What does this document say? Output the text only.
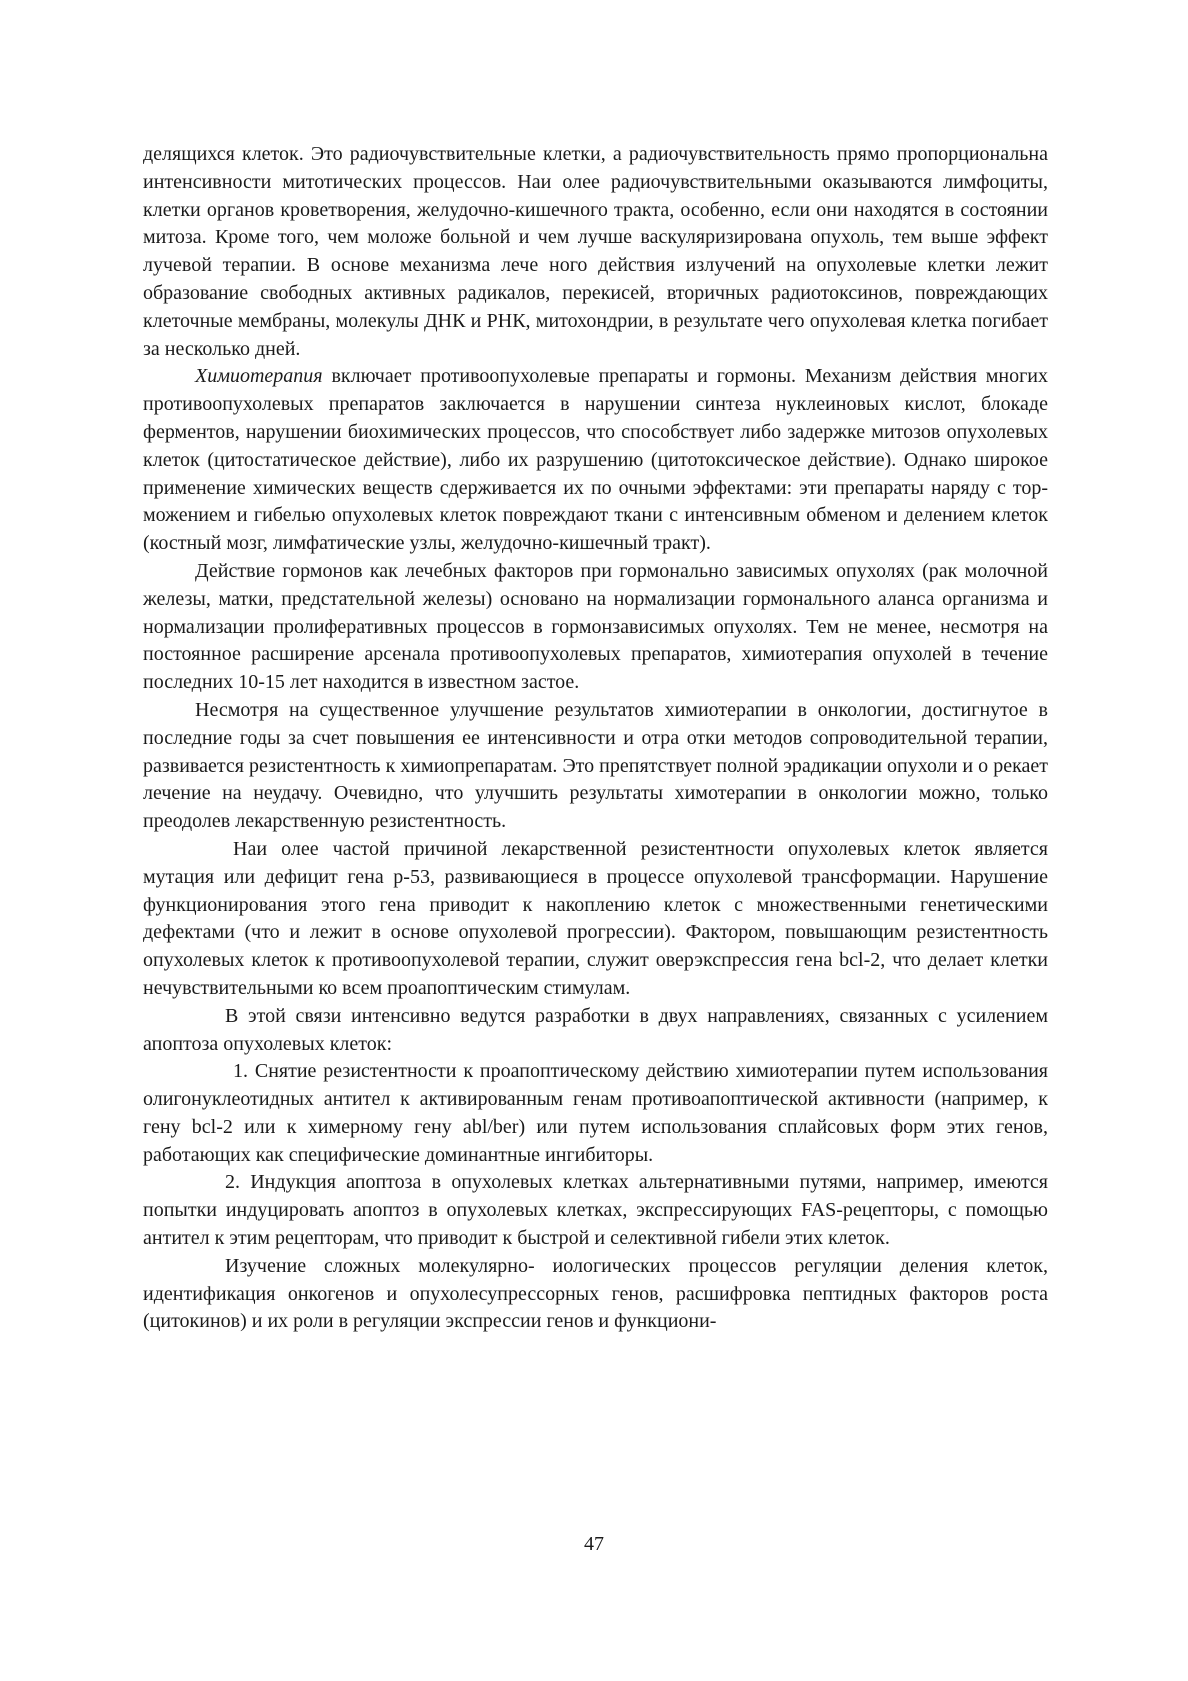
делящихся клеток. Это радиочувствительные клетки, а радиочувствительность прямо пропорциональна интенсивности митотических процессов. Наи олее радиочувствительными оказываются лимфоциты, клетки органов кроветворения, желудочно-кишечного тракта, особенно, если они находятся в состоянии митоза. Кроме того, чем моложе больной и чем лучше васкуляризирована опухоль, тем выше эффект лучевой терапии. В основе механизма лече ного действия излучений на опухолевые клетки лежит образование свободных активных радикалов, перекисей, вторичных радиотоксинов, повреждающих клеточные мембраны, молекулы ДНК и РНК, митохондрии, в результате чего опухолевая клетка погибает за несколько дней.

Химиотерапия включает противоопухолевые препараты и гормоны. Механизм действия многих противоопухолевых препаратов заключается в нарушении синтеза нуклеиновых кислот, блокаде ферментов, нарушении биохимических процессов, что способствует либо задержке митозов опухолевых клеток (цитостатическое действие), либо их разрушению (цитотоксическое действие). Однако широкое применение химических веществ сдерживается их по очными эффектами: эти препараты наряду с торможением и гибелью опухолевых клеток повреждают ткани с интенсивным обменом и делением клеток (костный мозг, лимфатические узлы, желудочно-кишечный тракт).

Действие гормонов как лечебных факторов при гормонально зависимых опухолях (рак молочной железы, матки, предстательной железы) основано на нормализации гормонального аланса организма и нормализации пролиферативных процессов в гормонзависимых опухолях. Тем не менее, несмотря на постоянное расширение арсенала противоопухолевых препаратов, химиотерапия опухолей в течение последних 10-15 лет находится в известном застое.

Несмотря на существенное улучшение результатов химиотерапии в онкологии, достигнутое в последние годы за счет повышения ее интенсивности и отра отки методов сопроводительной терапии, развивается резистентность к химиопрепаратам. Это препятствует полной эрадикации опухоли и о рекает лечение на неудачу. Очевидно, что улучшить результаты химотерапии в онкологии можно, только преодолев лекарственную резистентность.

Наи олее частой причиной лекарственной резистентности опухолевых клеток является мутация или дефицит гена р-53, развивающиеся в процессе опухолевой трансформации. Нарушение функционирования этого гена приводит к накоплению клеток с множественными генетическими дефектами (что и лежит в основе опухолевой прогрессии). Фактором, повышающим резистентность опухолевых клеток к противоопухолевой терапии, служит оверэкспрессия гена bcl-2, что делает клетки нечувствительными ко всем проапоптическим стимулам.

В этой связи интенсивно ведутся разработки в двух направлениях, связанных с усилением апоптоза опухолевых клеток:

1. Снятие резистентности к проапоптическому действию химиотерапии путем использования олигонуклеотидных антител к активированным генам противоапоптической активности (например, к гену bcl-2 или к химерному гену abl/ber) или путем использования сплайсовых форм этих генов, работающих как специфические доминантные ингибиторы.

2. Индукция апоптоза в опухолевых клетках альтернативными путями, например, имеются попытки индуцировать апоптоз в опухолевых клетках, экспрессирующих FAS-рецепторы, с помощью антител к этим рецепторам, что приводит к быстрой и селективной гибели этих клеток.

Изучение сложных молекулярно- иологических процессов регуляции деления клеток, идентификация онкогенов и опухолесупрессорных генов, расшифровка пептидных факторов роста (цитокинов) и их роли в регуляции экспрессии генов и функциони-

47
